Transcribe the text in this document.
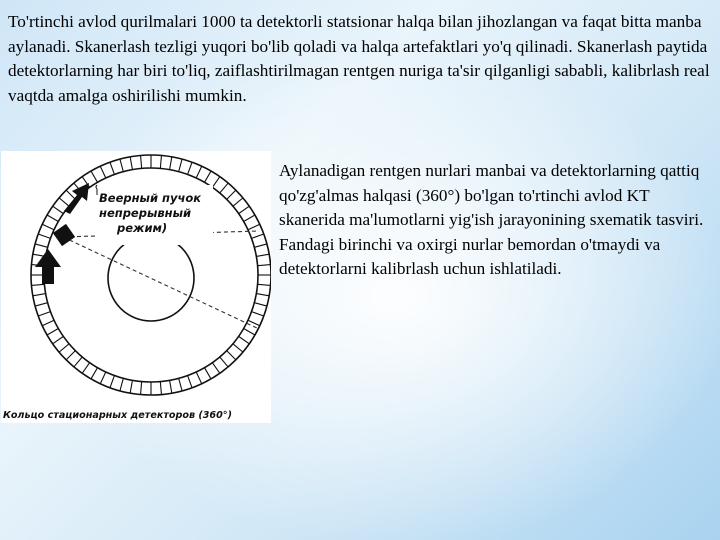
To'rtinchi avlod qurilmalari 1000 ta detektorli statsionar halqa bilan jihozlangan va faqat bitta manba aylanadi. Skanerlash tezligi yuqori bo'lib qoladi va halqa artefaktlari yo'q qilinadi. Skanerlash paytida detektorlarning har biri to'liq, zaiflashtirilmagan rentgen nuriga ta'sir qilganligi sababli, kalibrlash real vaqtda amalga oshirilishi mumkin.

Веерный пучок
непрерывный
режим)
Кольцо стационарных детекторов (360°)

Aylanadigan rentgen nurlari manbai va detektorlarning qattiq qo'zg'almas halqasi (360°) bo'lgan to'rtinchi avlod KT skanerida ma'lumotlarni yig'ish jarayonining sxematik tasviri. Fandagi birinchi va oxirgi nurlar bemordan o'tmaydi va detektorlarni kalibrlash uchun ishlatiladi.
